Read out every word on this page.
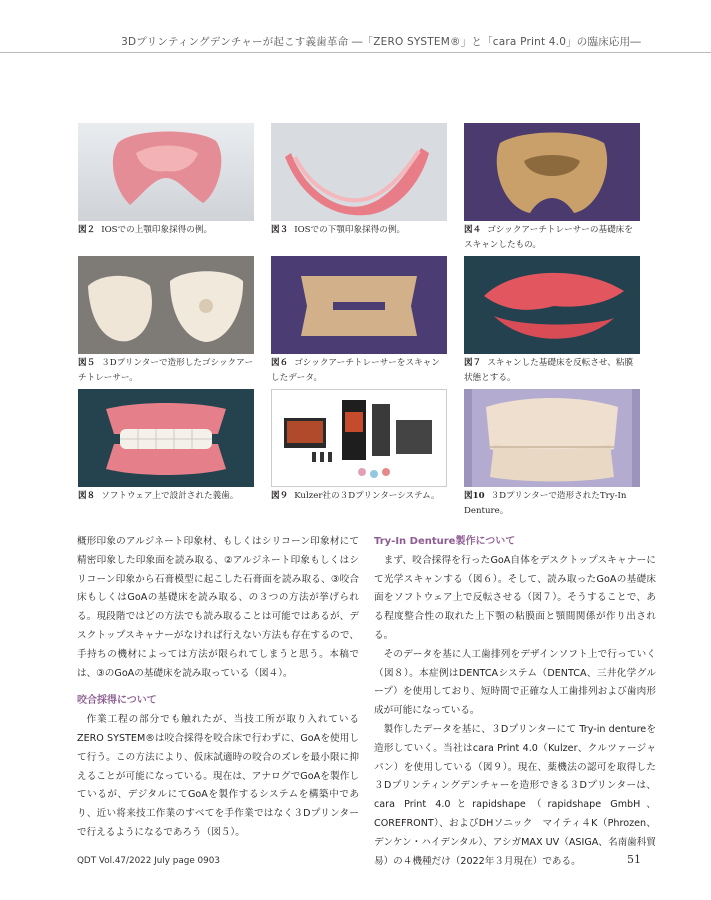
3Dプリンティングデンチャーが起こす義歯革命 ―「ZERO SYSTEM®」と「cara Print 4.0」の臨床応用―
図２ IOSでの上顎印象採得の例。	図３ IOSでの下顎印象採得の例。	図４ ゴシックアーチトレーサーの基礎床をスキャンしたもの。
図５ ３Dプリンターで造形したゴシックアーチトレーサー。
図６ ゴシックアーチトレーサーをスキャンしたデータ。
図７ スキャンした基礎床を反転させ、粘膜状態とする。
図８ ソフトウェア上で設計された義歯。	図９ Kulzer社の３Dプリンターシステム。	図10 ３Dプリンターで造形されたTry-In Denture。

概形印象のアルジネート印象材、もしくはシリコーン印象材にて精密印象した印象面を読み取る、②アルジネート印象もしくはシリコーン印象から石膏模型に起こした石膏面を読み取る、③咬合床もしくはGoAの基礎床を読み取る、の３つの方法が挙げられる。現段階ではどの方法でも読み取ることは可能ではあるが、デスクトップスキャナーがなければ行えない方法も存在するので、手持ちの機材によっては方法が限られてしまうと思う。本稿では、③のGoAの基礎床を読み取っている（図４）。

咬合採得について

作業工程の部分でも触れたが、当技工所が取り入れているZERO SYSTEM®は咬合採得を咬合床で行わずに、GoAを使用して行う。この方法により、仮床試適時の咬合のズレを最小限に抑えることが可能になっている。現在は、アナログでGoAを製作しているが、デジタルにてGoAを製作するシステムを構築中であり、近い将来技工作業のすべてを手作業ではなく３Dプリンターで行えるようになるであろう（図５）。

Try-In Denture製作について

まず、咬合採得を行ったGoA自体をデスクトップスキャナーにて光学スキャンする（図６）。そして、読み取ったGoAの基礎床面をソフトウェア上で反転させる（図７）。そうすることで、ある程度整合性の取れた上下顎の粘膜面と顎間関係が作り出される。

そのデータを基に人工歯排列をデザインソフト上で行っていく（図８）。本症例はDENTCAシステム（DENTCA、三井化学グループ）を使用しており、短時間で正確な人工歯排列および歯肉形成が可能になっている。

製作したデータを基に、３Dプリンターにて Try-in dentureを造形していく。当社はcara Print 4.0（Kulzer、クルツァージャパン）を使用している（図９）。現在、薬機法の認可を取得した３Dプリンティングデンチャーを造形できる３Dプリンターは、cara Print 4.0とrapidshape（rapidshape GmbH、COREFRONT）、およびDHソニック　マイティ４K（Phrozen、デンケン・ハイデンタル）、アシガMAX UV（ASIGA、名南歯科貿易）の４機種だけ（2022年３月現在）である。

QDT Vol.47/2022 July page 0903	51
